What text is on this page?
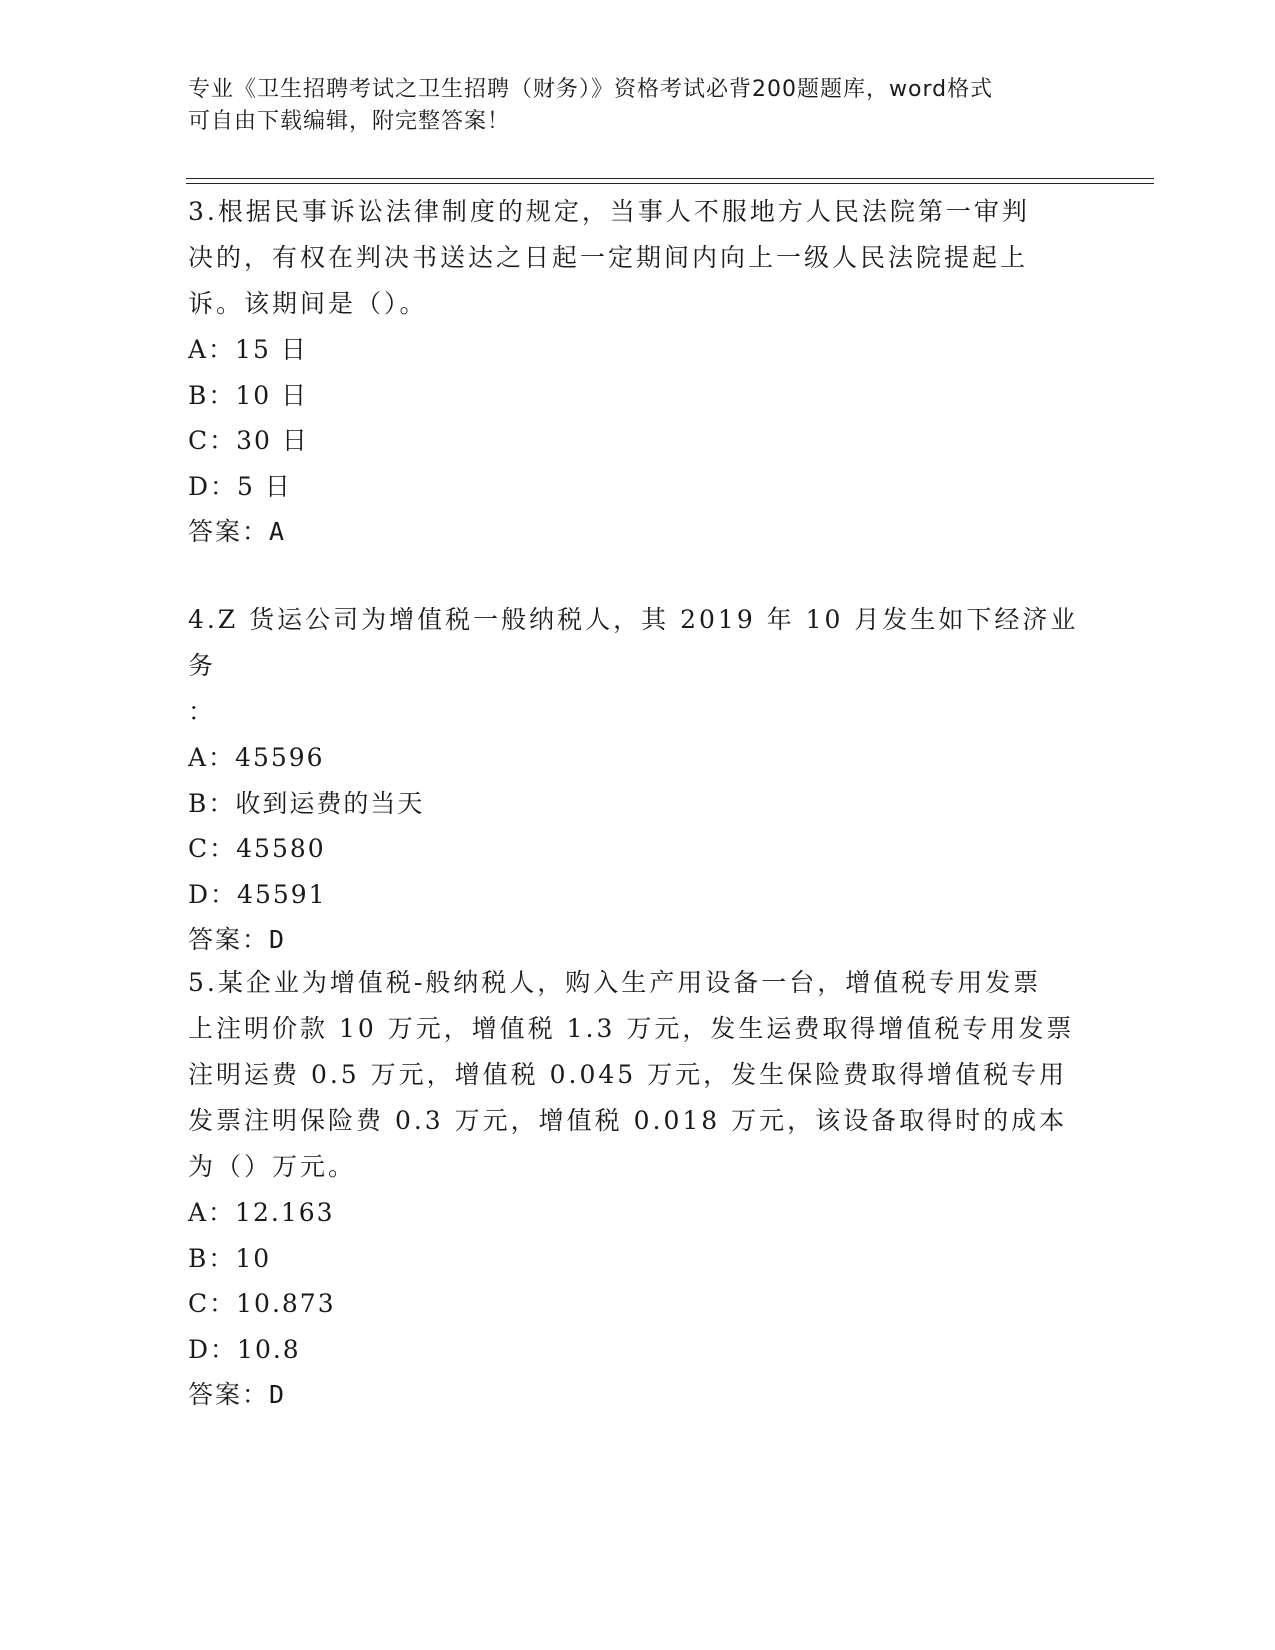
专业《卫生招聘考试之卫生招聘（财务）》资格考试必背200题题库，word格式
可自由下载编辑，附完整答案！
3.根据民事诉讼法律制度的规定，当事人不服地方人民法院第一审判
决的，有权在判决书送达之日起一定期间内向上一级人民法院提起上
诉。该期间是（）。
A：15 日
B：10 日
C：30 日
D：5 日
答案：A
4.Z 货运公司为增值税一般纳税人，其 2019 年 10 月发生如下经济业务
：
A：45596
B：收到运费的当天
C：45580
D：45591
答案：D
5.某企业为增值税-般纳税人，购入生产用设备一台，增值税专用发票
上注明价款 10 万元，增值税 1.3 万元，发生运费取得增值税专用发票
注明运费 0.5 万元，增值税 0.045 万元，发生保险费取得增值税专用
发票注明保险费 0.3 万元，增值税 0.018 万元，该设备取得时的成本
为（）万元。
A：12.163
B：10
C：10.873
D：10.8
答案：D
